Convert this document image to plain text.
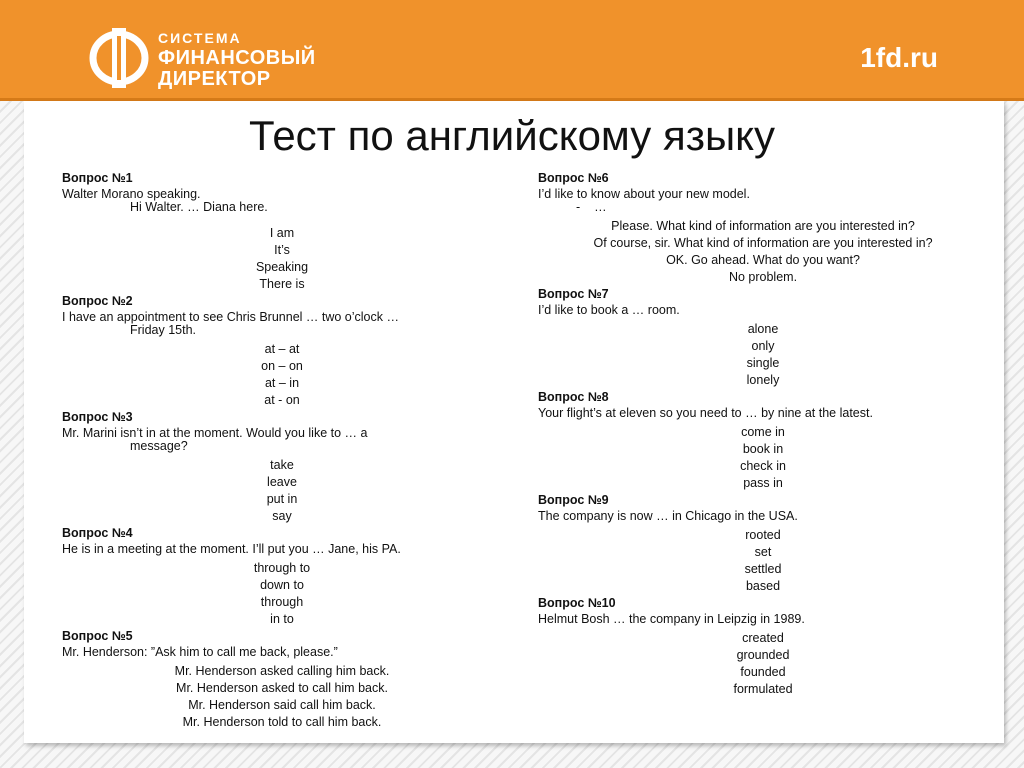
СИСТЕМА
ФИНАНСОВЫЙ
ДИРЕКТОР
1fd.ru
Тест по английскому языку
Вопрос №1
Walter Morano speaking.
Hi Walter. … Diana here.
I am
It’s
Speaking
There is
Вопрос №2
I have an appointment to see Chris Brunnel … two o’clock …
Friday 15th.
at – at
on – on
at – in
at - on
Вопрос №3
Mr. Marini isn’t in at the moment. Would you like to … a
message?
take
leave
put in
say
Вопрос №4
He is in a meeting at the moment. I’ll put you … Jane, his PA.
through to
down to
through
in to
Вопрос №5
Mr. Henderson: ”Ask him to call me back, please.”
Mr. Henderson asked calling him back.
Mr. Henderson asked to call him back.
Mr. Henderson said call him back.
Mr. Henderson told to call him back.
Вопрос №6
I’d like to know about your new model.
- …
Please. What kind of information are you interested in?
Of course, sir. What kind of information are you interested in?
OK. Go ahead. What do you want?
No problem.
Вопрос №7
I’d like to book a … room.
alone
only
single
lonely
Вопрос №8
Your flight’s at eleven so you need to … by nine at the latest.
come in
book in
check in
pass in
Вопрос №9
The company is now … in Chicago in the USA.
rooted
set
settled
based
Вопрос №10
Helmut Bosh … the company in Leipzig in 1989.
created
grounded
founded
formulated
